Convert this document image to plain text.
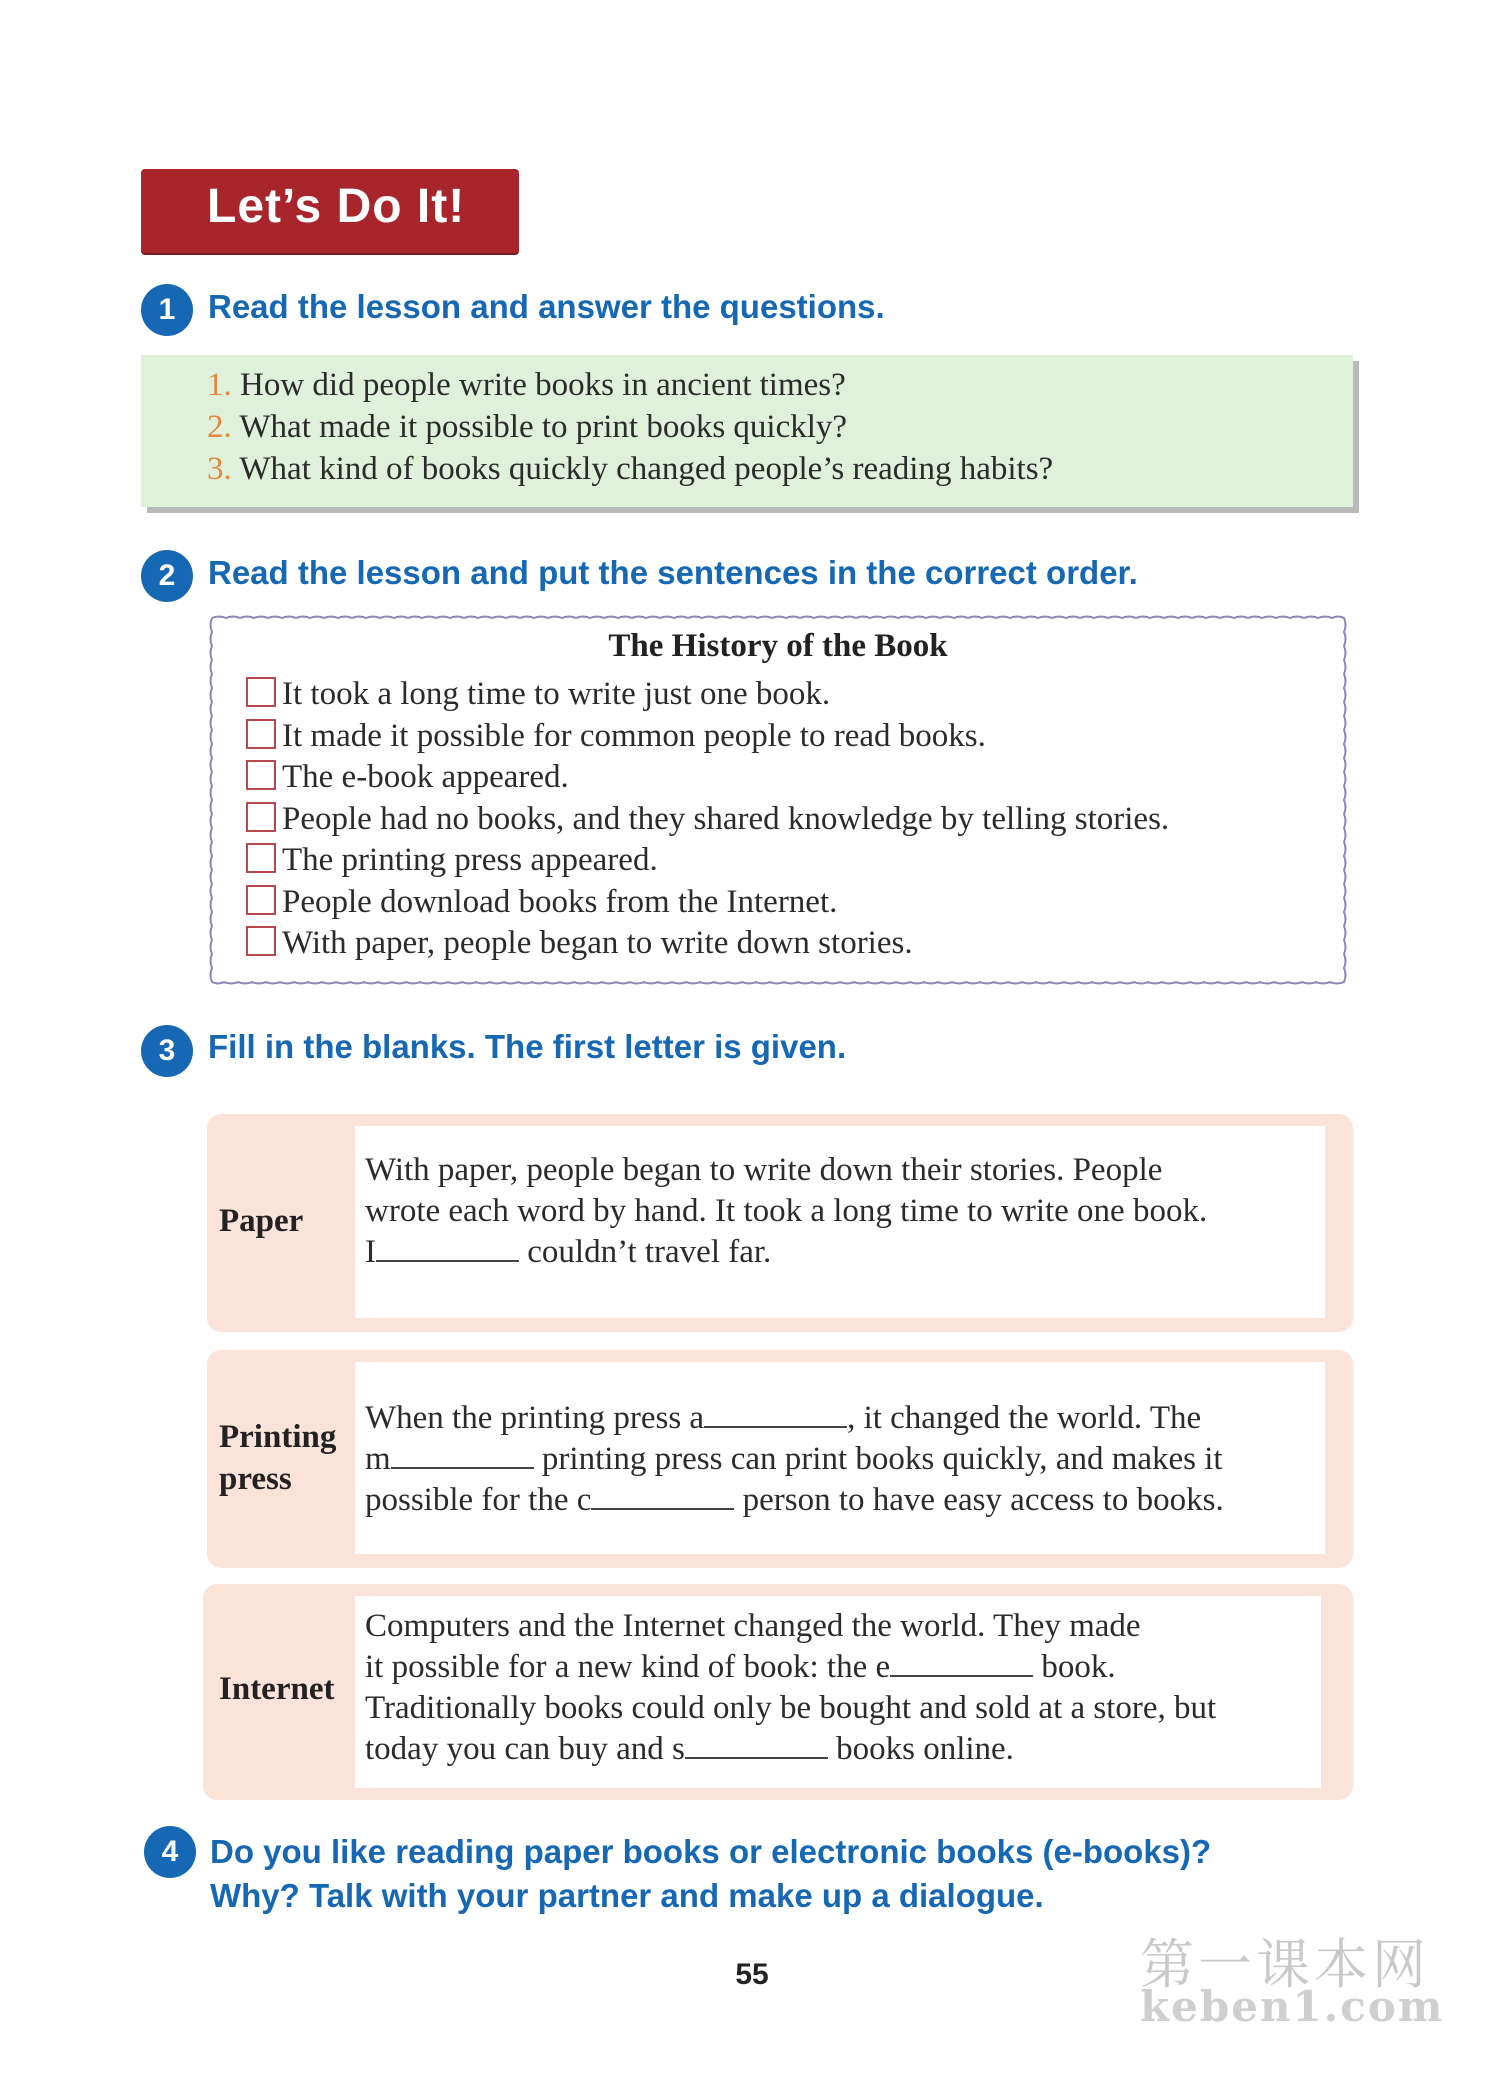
Let’s Do It!
1 Read the lesson and answer the questions.
1. How did people write books in ancient times?
2. What made it possible to print books quickly?
3. What kind of books quickly changed people’s reading habits?
2 Read the lesson and put the sentences in the correct order.
The History of the Book
It took a long time to write just one book.
It made it possible for common people to read books.
The e-book appeared.
People had no books, and they shared knowledge by telling stories.
The printing press appeared.
People download books from the Internet.
With paper, people began to write down stories.
3 Fill in the blanks. The first letter is given.
Paper
With paper, people began to write down their stories. People
wrote each word by hand. It took a long time to write one book.
I	couldn’t travel far.
Printing
press
When the printing press a	, it changed the world. The
m	printing press can print books quickly, and makes it
possible for the c	person to have easy access to books.
Internet
Computers and the Internet changed the world. They made
it possible for a new kind of book: the e	book.
Traditionally books could only be bought and sold at a store, but
today you can buy and s	books online.
4 Do you like reading paper books or electronic books (e-books)?
Why? Talk with your partner and make up a dialogue.
55	第一课本网
keben1.com
